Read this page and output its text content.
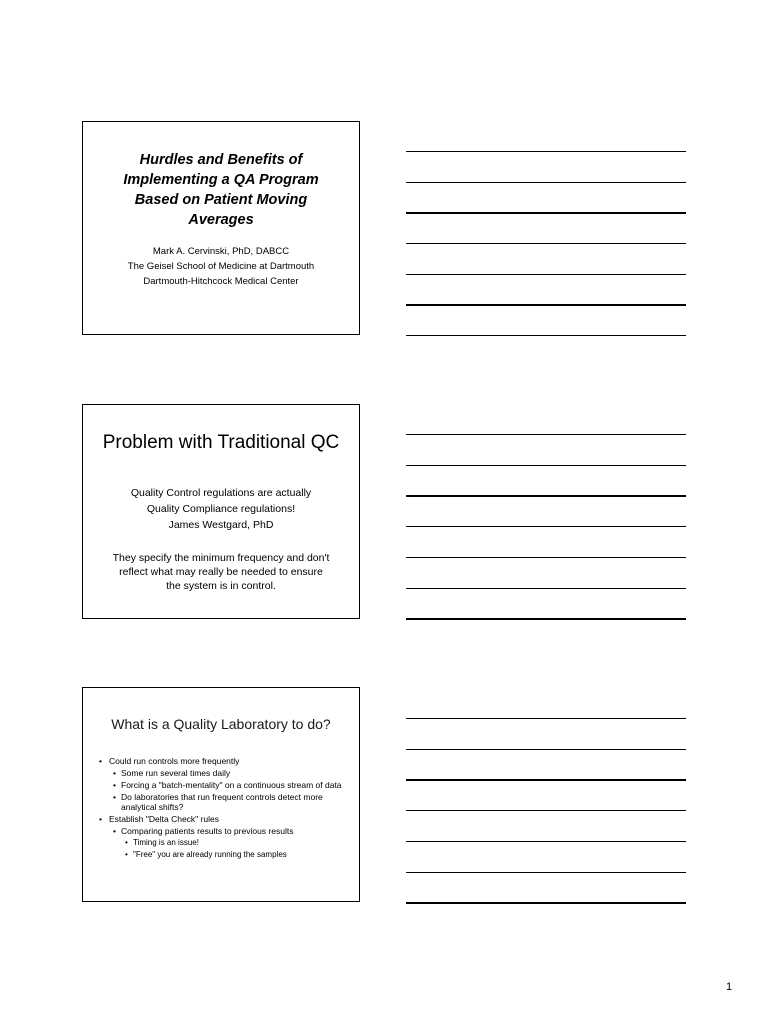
Hurdles and Benefits of
Implementing a QA Program
Based on Patient Moving
Averages
Mark A. Cervinski, PhD, DABCC
The Geisel School of Medicine at Dartmouth
Dartmouth-Hitchcock Medical Center
Problem with Traditional QC
Quality Control regulations are actually
Quality Compliance regulations!
James Westgard, PhD
They specify the minimum frequency and don't
reflect what may really be needed to ensure
the system is in control.
What is a Quality Laboratory to do?
• Could run controls more frequently
• Some run several times daily
• Forcing a "batch-mentality" on a continuous stream of data
• Do laboratories that run frequent controls detect more analytical shifts?
• Establish "Delta Check" rules
• Comparing patients results to previous results
• Timing is an issue!
• "Free" you are already running the samples
1
